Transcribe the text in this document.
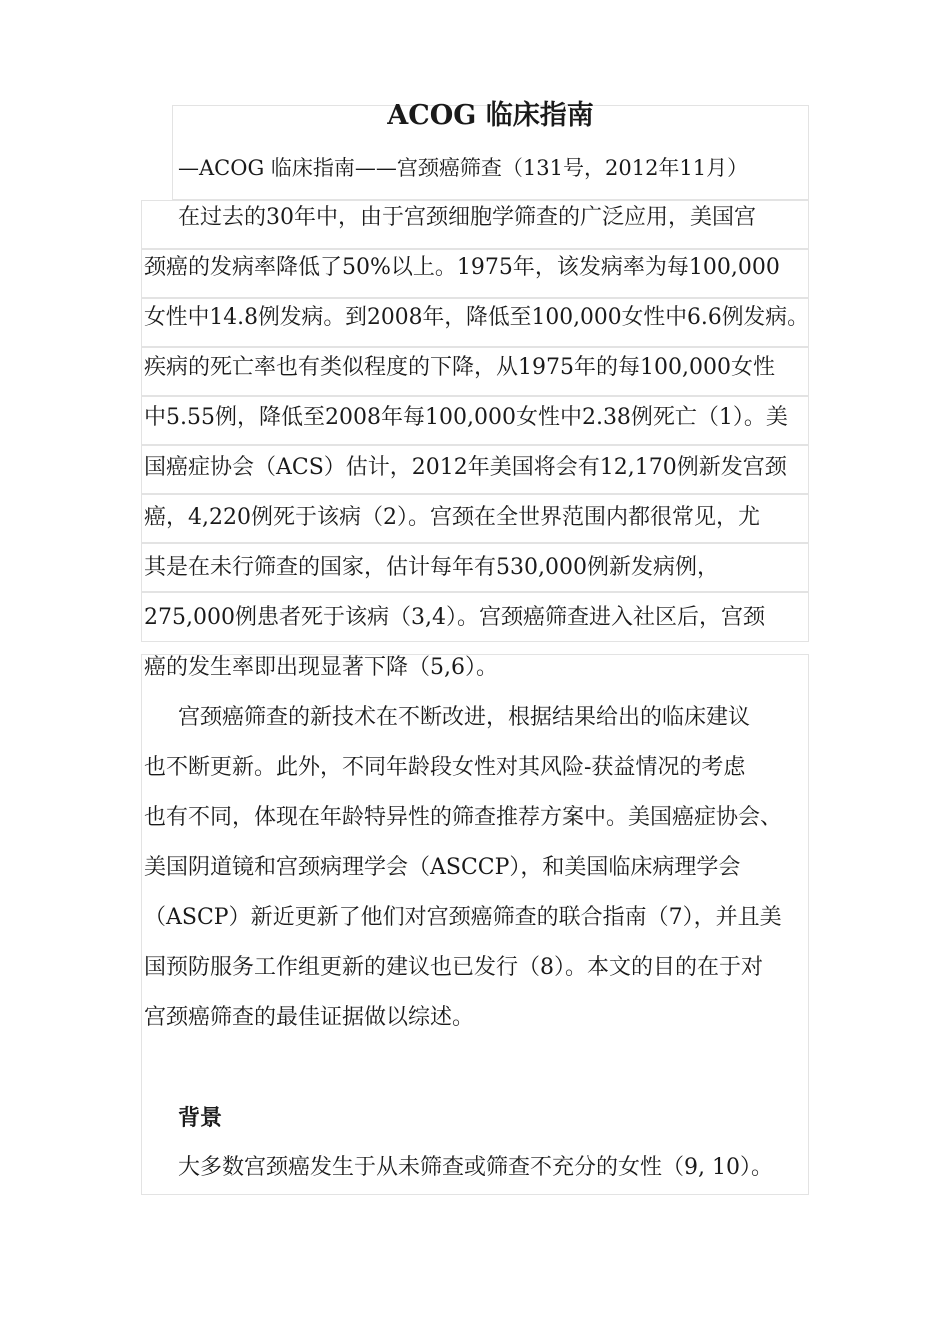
ACOG 临床指南
—ACOG 临床指南——宫颈癌筛查（131号，2012年11月）
在过去的30年中，由于宫颈细胞学筛查的广泛应用，美国宫
颈癌的发病率降低了50%以上。1975年，该发病率为每100,000
女性中14.8例发病。到2008年，降低至100,000女性中6.6例发病。
疾病的死亡率也有类似程度的下降，从1975年的每100,000女性
中5.55例，降低至2008年每100,000女性中2.38例死亡（1）。美
国癌症协会（ACS）估计，2012年美国将会有12,170例新发宫颈
癌，4,220例死于该病（2）。宫颈在全世界范围内都很常见，尤
其是在未行筛查的国家，估计每年有530,000例新发病例，
275,000例患者死于该病（3,4）。宫颈癌筛查进入社区后，宫颈
癌的发生率即出现显著下降（5,6）。
宫颈癌筛查的新技术在不断改进，根据结果给出的临床建议
也不断更新。此外，不同年龄段女性对其风险-获益情况的考虑
也有不同，体现在年龄特异性的筛查推荐方案中。美国癌症协会、
美国阴道镜和宫颈病理学会（ASCCP），和美国临床病理学会
（ASCP）新近更新了他们对宫颈癌筛查的联合指南（7），并且美
国预防服务工作组更新的建议也已发行（8）。本文的目的在于对
宫颈癌筛查的最佳证据做以综述。
背景
大多数宫颈癌发生于从未筛查或筛查不充分的女性（9, 10）。
